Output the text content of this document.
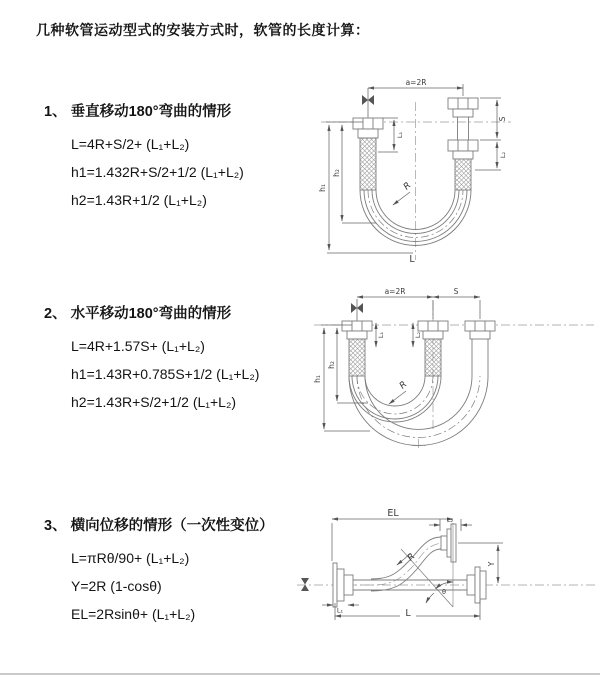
几种软管运动型式的安装方式时，软管的长度计算：
1、 垂直移动180°弯曲的情形
L=4R+S/2+ (L₁+L₂)
h1=1.432R+S/2+1/2 (L₁+L₂)
h2=1.43R+1/2 (L₁+L₂)
2、 水平移动180°弯曲的情形
L=4R+1.57S+ (L₁+L₂)
h1=1.43R+0.785S+1/2 (L₁+L₂)
h2=1.43R+S/2+1/2 (L₁+L₂)
3、 横向位移的情形（一次性变位）
L=πRθ/90+ (L₁+L₂)
Y=2R (1-cosθ)
EL=2Rsinθ+ (L₁+L₂)
a=2R
h₁
h₂
L₁
S
L₂
R
L
a=2R	S
h₁
h₂
L₁	L₂
R
EL
L₂
Y
R
θ
L
L₁
